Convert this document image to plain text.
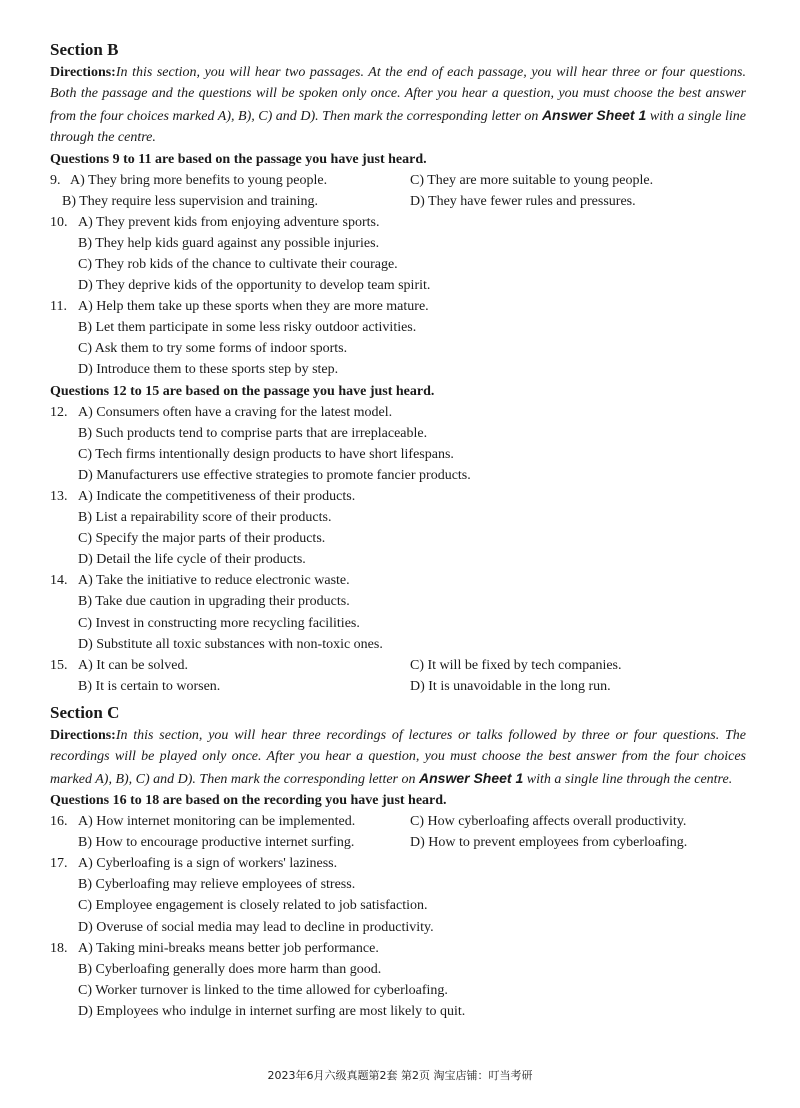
Section B

Directions:In this section, you will hear two passages. At the end of each passage, you will hear three or four questions. Both the passage and the questions will be spoken only once. After you hear a question, you must choose the best answer from the four choices marked A), B), C) and D). Then mark the corresponding letter on Answer Sheet 1 with a single line through the centre.

Questions 9 to 11 are based on the passage you have just heard.
9. A) They bring more benefits to young people.	C) They are more suitable to young people.
B) They require less supervision and training.	D) They have fewer rules and pressures.
10. A) They prevent kids from enjoying adventure sports.
B) They help kids guard against any possible injuries.
C) They rob kids of the chance to cultivate their courage.
D) They deprive kids of the opportunity to develop team spirit.
11. A) Help them take up these sports when they are more mature.
B) Let them participate in some less risky outdoor activities.
C) Ask them to try some forms of indoor sports.
D) Introduce them to these sports step by step.
Questions 12 to 15 are based on the passage you have just heard.
12. A) Consumers often have a craving for the latest model.
B) Such products tend to comprise parts that are irreplaceable.
C) Tech firms intentionally design products to have short lifespans.
D) Manufacturers use effective strategies to promote fancier products.
13. A) Indicate the competitiveness of their products.
B) List a repairability score of their products.
C) Specify the major parts of their products.
D) Detail the life cycle of their products.
14. A) Take the initiative to reduce electronic waste.
B) Take due caution in upgrading their products.
C) Invest in constructing more recycling facilities.
D) Substitute all toxic substances with non-toxic ones.
15. A) It can be solved.	C) It will be fixed by tech companies.
B) It is certain to worsen.	D) It is unavoidable in the long run.
Section C

Directions:In this section, you will hear three recordings of lectures or talks followed by three or four questions. The recordings will be played only once. After you hear a question, you must choose the best answer from the four choices marked A), B), C) and D). Then mark the corresponding letter on Answer Sheet 1 with a single line through the centre.

Questions 16 to 18 are based on the recording you have just heard.
16. A) How internet monitoring can be implemented.	C) How cyberloafing affects overall productivity.
B) How to encourage productive internet surfing.	D) How to prevent employees from cyberloafing.
17. A) Cyberloafing is a sign of workers' laziness.
B) Cyberloafing may relieve employees of stress.
C) Employee engagement is closely related to job satisfaction.
D) Overuse of social media may lead to decline in productivity.
18. A) Taking mini-breaks means better job performance.
B) Cyberloafing generally does more harm than good.
C) Worker turnover is linked to the time allowed for cyberloafing.
D) Employees who indulge in internet surfing are most likely to quit.
2023年6月六级真题第2套 第2页 淘宝店铺：叮当考研
